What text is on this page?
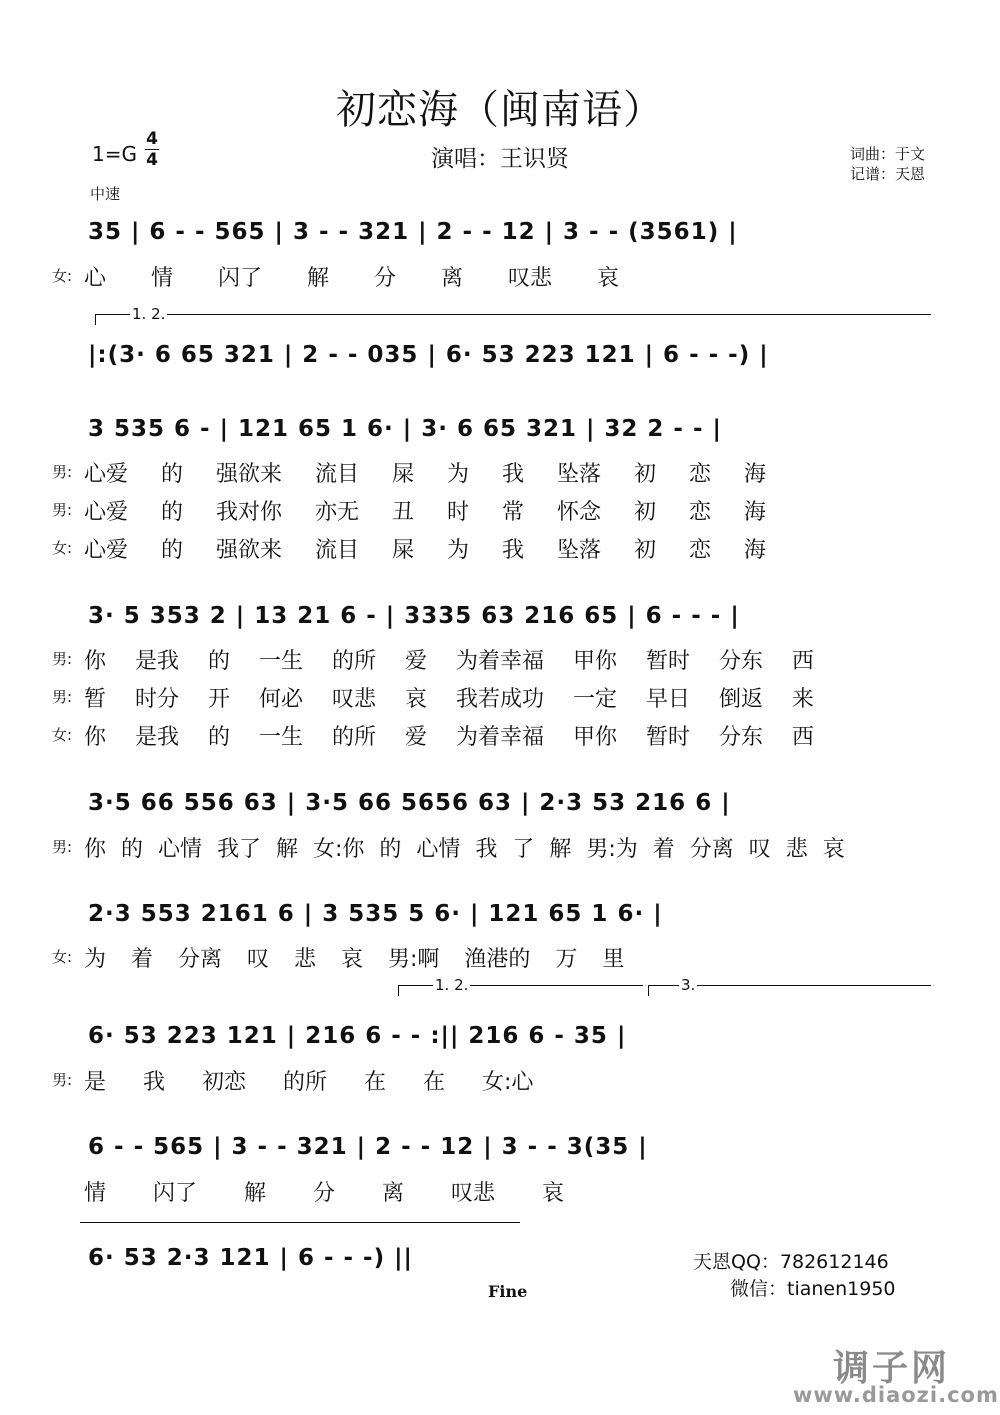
初恋海（闽南语）
1=G
4
4	演唱：王识贤	词曲：于文
记谱：天恩
中速
35 | 6 - - 565 | 3 - - 321 | 2 - - 12 | 3 - - (3561) |
女: 心 情 闪了 解 分 离 叹悲 哀
1. 2.
|:(3· 6 65 321 | 2 - - 035 | 6· 53 223 121 | 6 - - -) |
3 535 6 - | 121 65 1 6· | 3· 6 65 321 | 32 2 - - |
男: 心爱 的 强欲来 流目 屎 为 我 坠落 初 恋 海
男: 心爱 的 我对你 亦无 丑 时 常 怀念 初 恋 海
女: 心爱 的 强欲来 流目 屎 为 我 坠落 初 恋 海
3· 5 353 2 | 13 21 6 - | 3335 63 216 65 | 6 - - - |
男: 你 是我 的 一生 的所 爱 为着幸福 甲你 暂时 分东 西
男: 暂 时分 开 何必 叹悲 哀 我若成功 一定 早日 倒返 来
女: 你 是我 的 一生 的所 爱 为着幸福 甲你 暂时 分东 西
3·5 66 556 63 | 3·5 66 5656 63 | 2·3 53 216 6 |
男: 你 的 心情 我了 解 女:你 的 心情 我 了 解 男:为 着 分离 叹 悲 哀
2·3 553 2161 6 | 3 535 5 6· | 121 65 1 6· |
女: 为 着 分离 叹 悲 哀 男:啊 渔港的 万 里
1. 2.	3.
6· 53 223 121 | 216 6 - - :|| 216 6 - 35 |
男: 是 我 初恋 的所 在 在 女:心
6 - - 565 | 3 - - 321 | 2 - - 12 | 3 - - 3(35 |
情 闪了 解 分 离 叹悲 哀
6· 53 2·3 121 | 6 - - -) ||
Fine
天恩QQ：782612146
微信：tianen1950
调子网
www.diaozi.com
